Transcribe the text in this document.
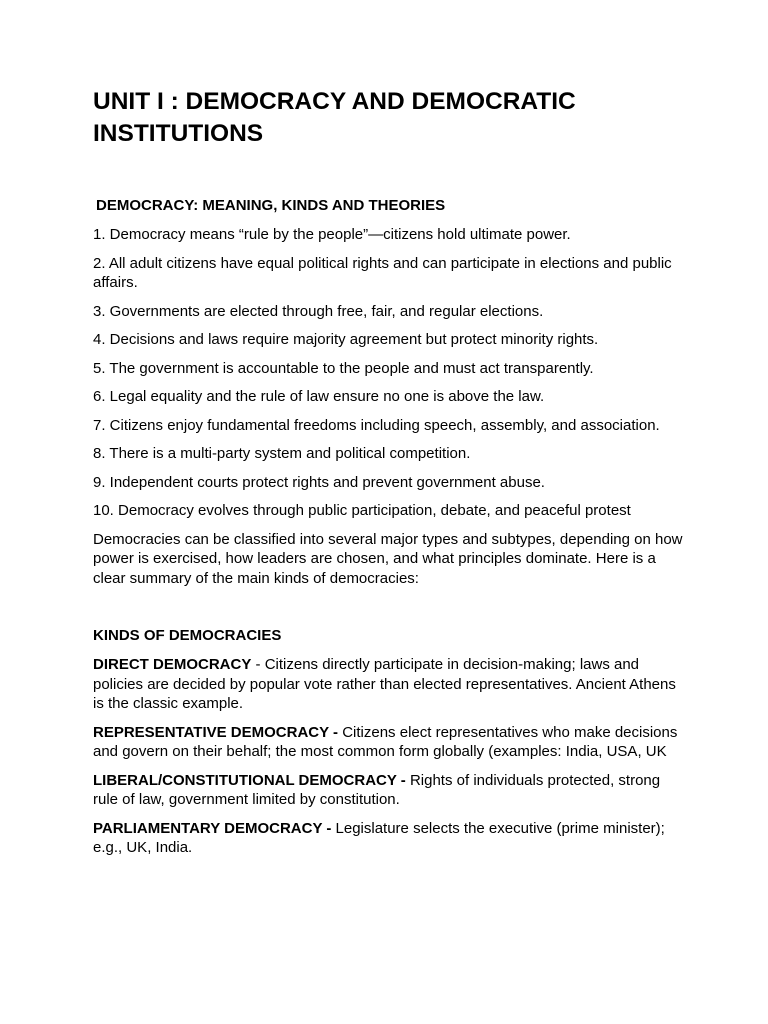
UNIT I : DEMOCRACY AND DEMOCRATIC INSTITUTIONS
DEMOCRACY: MEANING, KINDS AND THEORIES

1. Democracy means “rule by the people”—citizens hold ultimate power.

2. All adult citizens have equal political rights and can participate in elections and public affairs.

3. Governments are elected through free, fair, and regular elections.

4. Decisions and laws require majority agreement but protect minority rights.

5. The government is accountable to the people and must act transparently.

6. Legal equality and the rule of law ensure no one is above the law.

7. Citizens enjoy fundamental freedoms including speech, assembly, and association.

8. There is a multi-party system and political competition.

9. Independent courts protect rights and prevent government abuse.

10. Democracy evolves through public participation, debate, and peaceful protest

Democracies can be classified into several major types and subtypes, depending on how power is exercised, how leaders are chosen, and what principles dominate. Here is a clear summary of the main kinds of democracies:

KINDS OF DEMOCRACIES

DIRECT DEMOCRACY - Citizens directly participate in decision-making; laws and policies are decided by popular vote rather than elected representatives. Ancient Athens is the classic example.

REPRESENTATIVE DEMOCRACY - Citizens elect representatives who make decisions and govern on their behalf; the most common form globally (examples: India, USA, UK

LIBERAL/CONSTITUTIONAL DEMOCRACY - Rights of individuals protected, strong rule of law, government limited by constitution.

PARLIAMENTARY DEMOCRACY - Legislature selects the executive (prime minister); e.g., UK, India.
